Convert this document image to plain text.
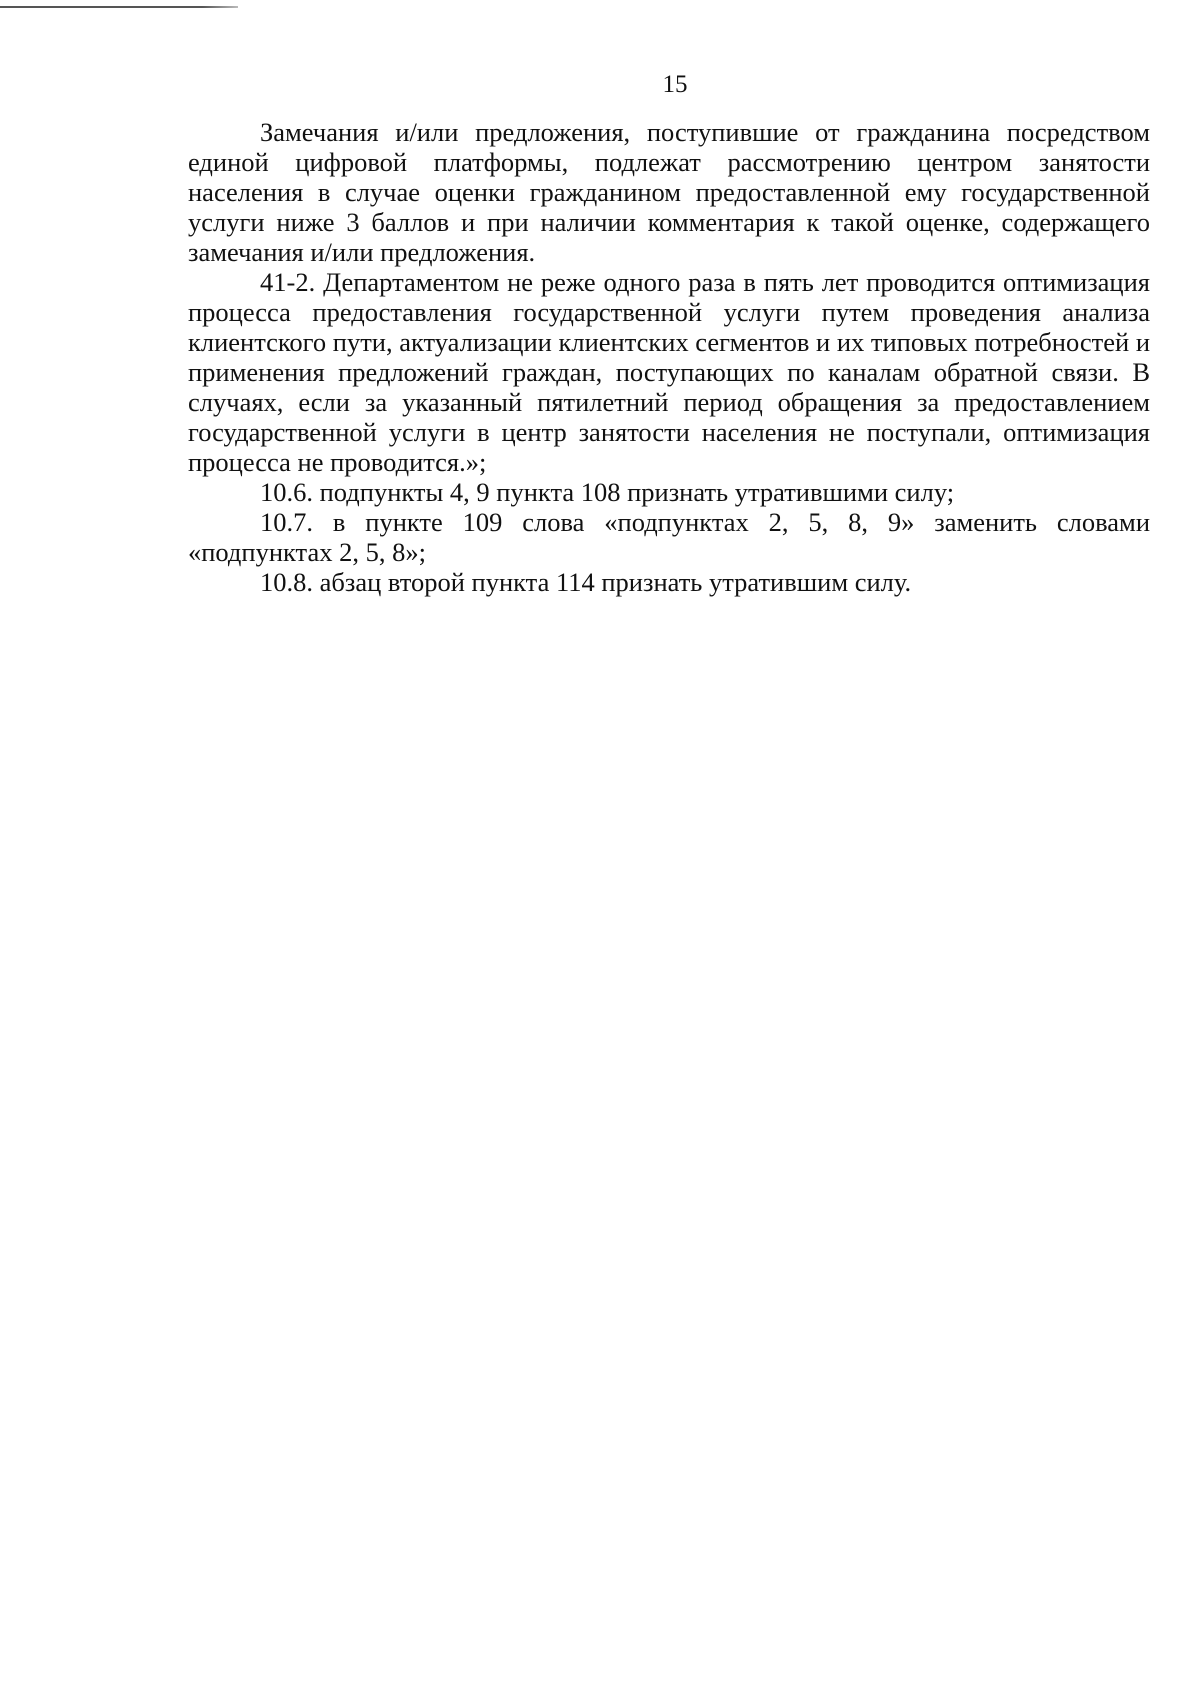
15

Замечания и/или предложения, поступившие от гражданина посредством единой цифровой платформы, подлежат рассмотрению центром занятости населения в случае оценки гражданином предоставленной ему государственной услуги ниже 3 баллов и при наличии комментария к такой оценке, содержащего замечания и/или предложения.

41-2. Департаментом не реже одного раза в пять лет проводится оптимизация процесса предоставления государственной услуги путем проведения анализа клиентского пути, актуализации клиентских сегментов и их типовых потребностей и применения предложений граждан, поступающих по каналам обратной связи. В случаях, если за указанный пятилетний период обращения за предоставлением государственной услуги в центр занятости населения не поступали, оптимизация процесса не проводится.»;

10.6. подпункты 4, 9 пункта 108 признать утратившими силу;

10.7. в пункте 109 слова «подпунктах 2, 5, 8, 9» заменить словами «подпунктах 2, 5, 8»;

10.8. абзац второй пункта 114 признать утратившим силу.
